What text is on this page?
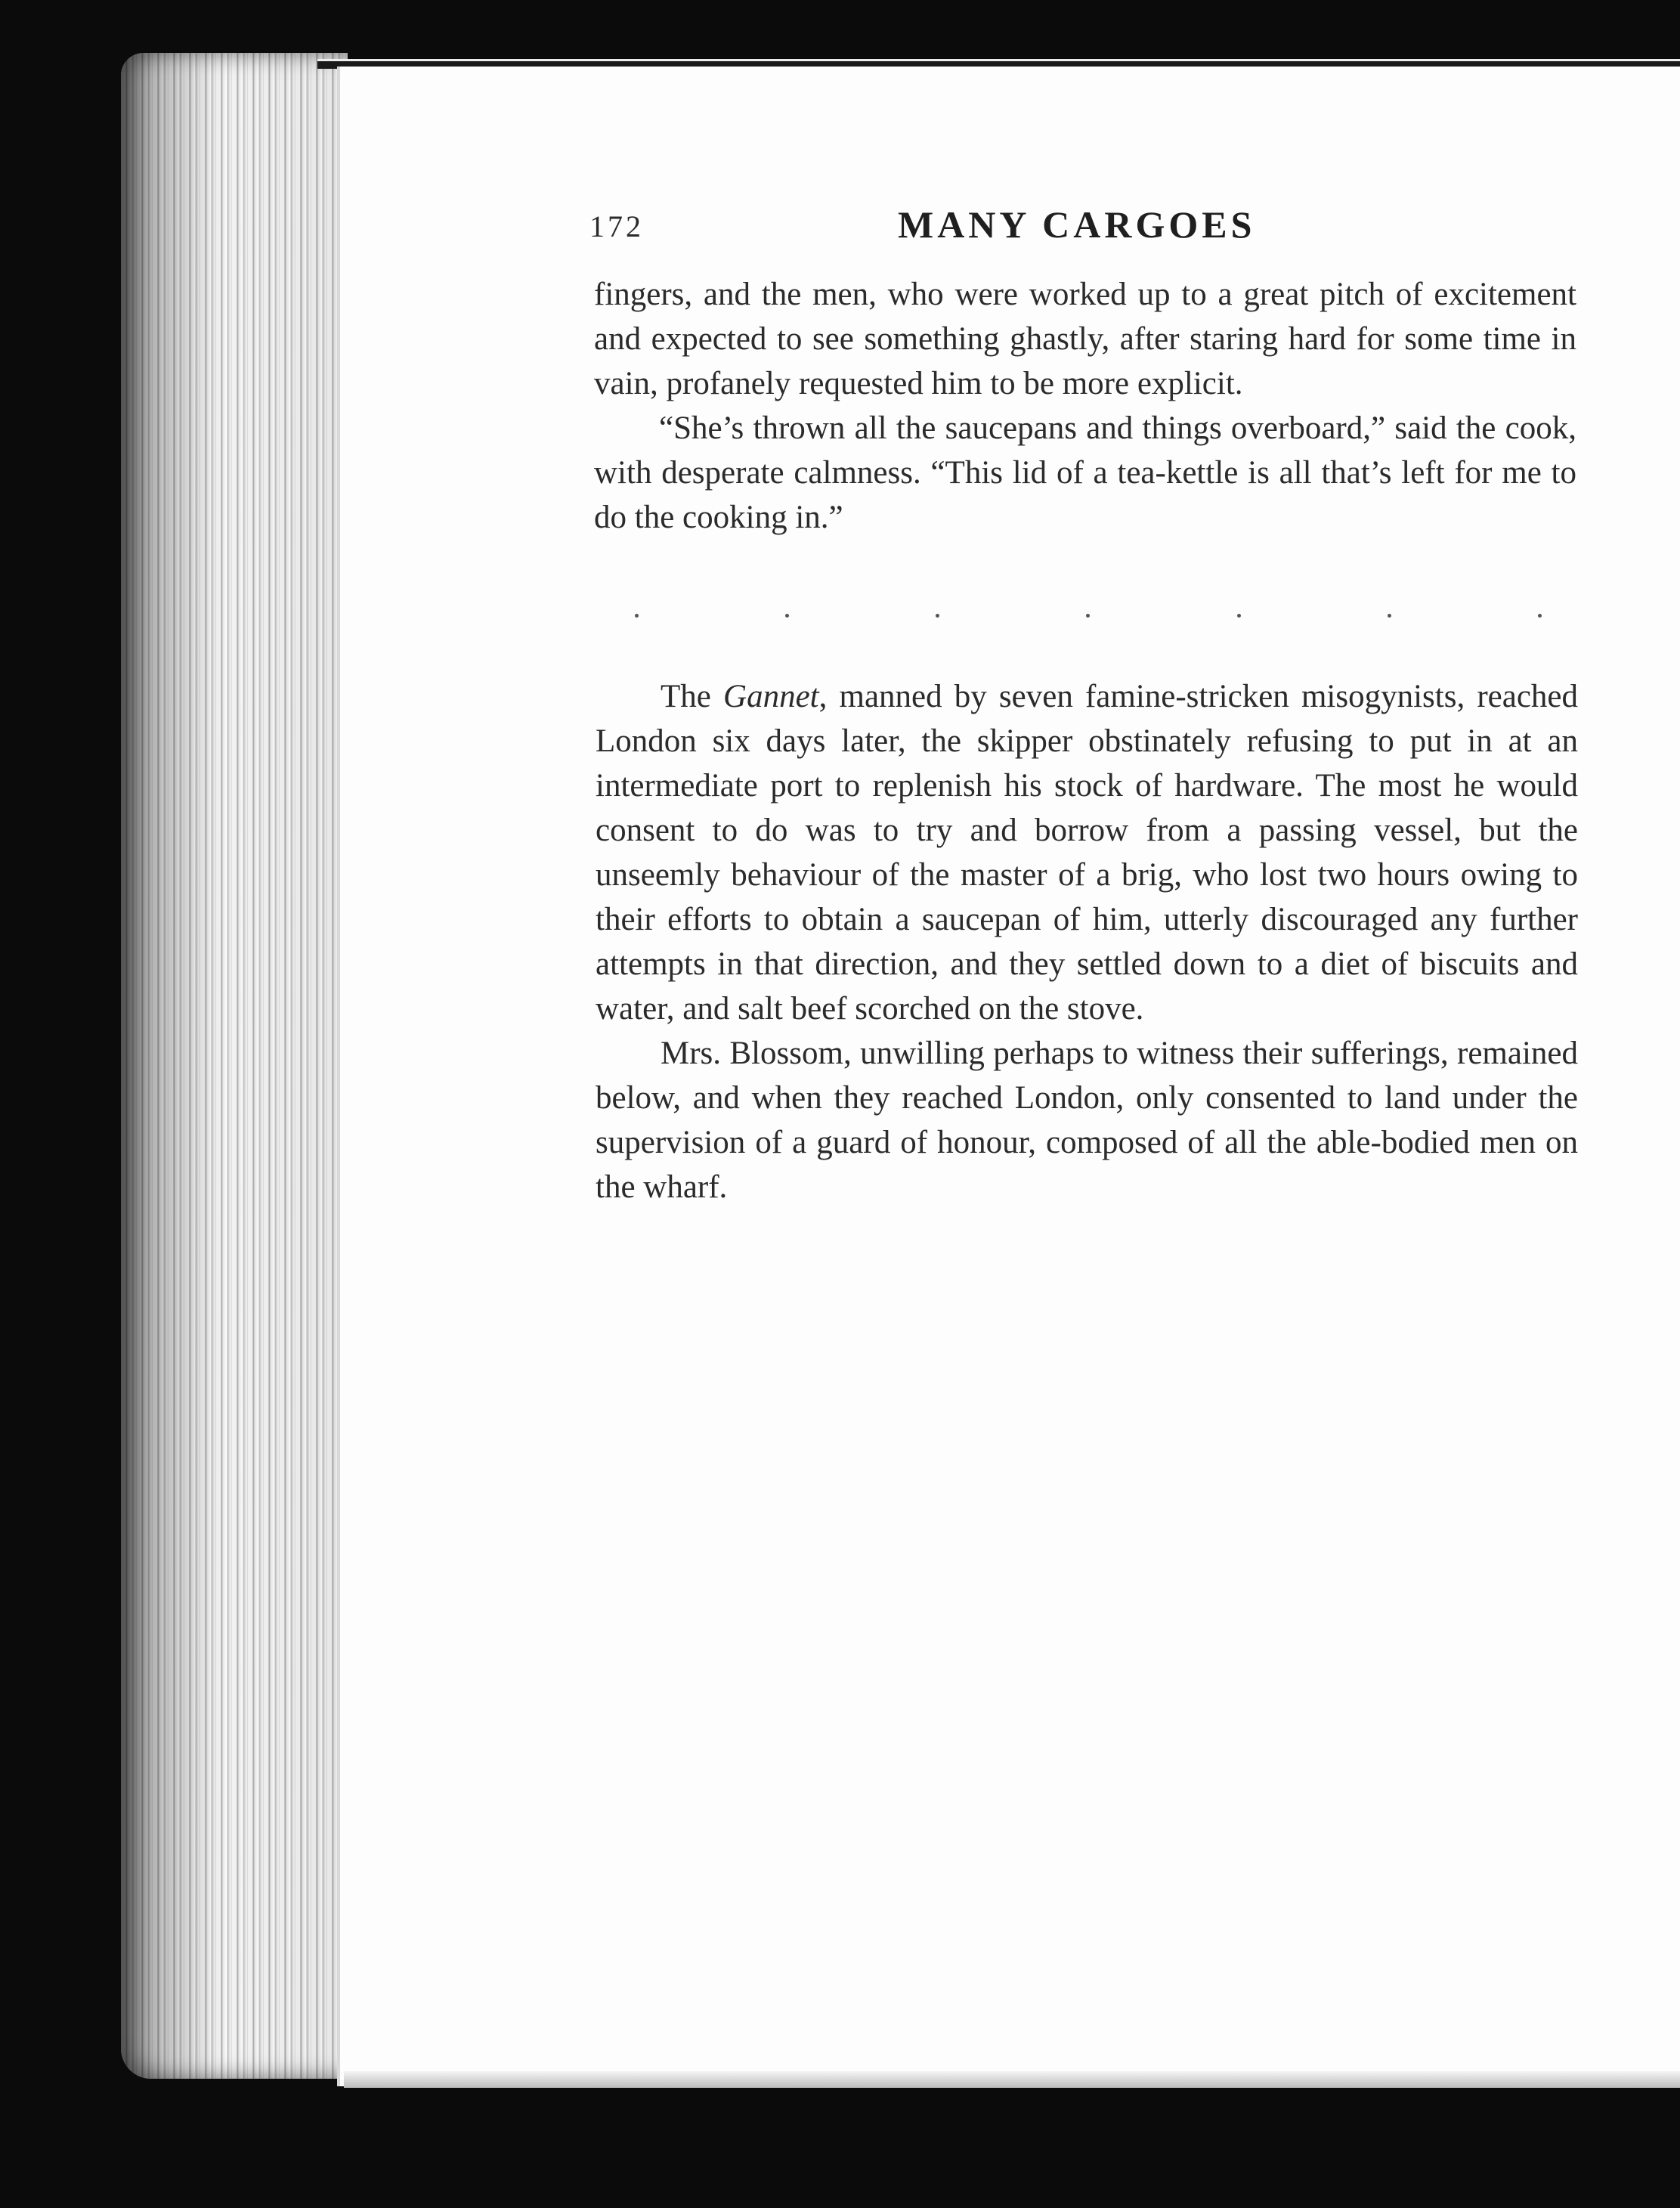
172	MANY CARGOES

fingers, and the men, who were worked up to a great pitch of excitement and expected to see something ghastly, after staring hard for some time in vain, profanely requested him to be more explicit.

“She’s thrown all the saucepans and things overboard,” said the cook, with desperate calmness. “This lid of a tea-kettle is all that’s left for me to do the cooking in.”

The Gannet, manned by seven famine-stricken misogynists, reached London six days later, the skipper obstinately refusing to put in at an intermediate port to replenish his stock of hardware. The most he would consent to do was to try and borrow from a passing vessel, but the unseemly behaviour of the master of a brig, who lost two hours owing to their efforts to obtain a saucepan of him, utterly discouraged any further attempts in that direction, and they settled down to a diet of biscuits and water, and salt beef scorched on the stove.

Mrs. Blossom, unwilling perhaps to witness their sufferings, remained below, and when they reached London, only consented to land under the supervision of a guard of honour, composed of all the able-bodied men on the wharf.
